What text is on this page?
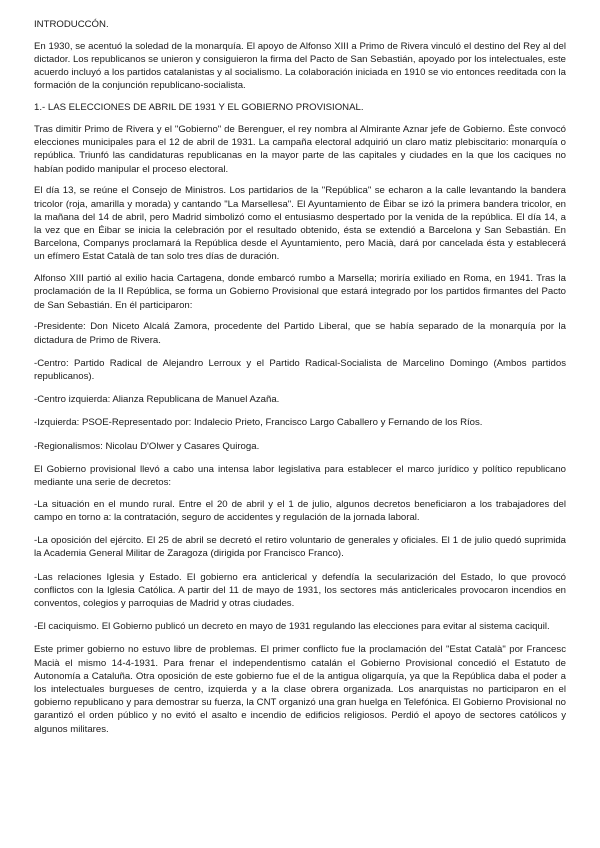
INTRODUCCÓN.

En 1930, se acentuó la soledad de la monarquía. El apoyo de Alfonso XIII a Primo de Rivera vinculó el destino del Rey al del dictador. Los republicanos se unieron y consiguieron la firma del Pacto de San Sebastián, apoyado por los intelectuales, este acuerdo incluyó a los partidos catalanistas y al socialismo. La colaboración iniciada en 1910 se vio entonces reeditada con la formación de la conjunción republicano-socialista.

1.- LAS ELECCIONES DE ABRIL DE 1931 Y EL GOBIERNO PROVISIONAL.

Tras dimitir Primo de Rivera y el "Gobierno" de Berenguer, el rey nombra al Almirante Aznar jefe de Gobierno. Éste convocó elecciones municipales para el 12 de abril de 1931. La campaña electoral adquirió un claro matiz plebiscitario: monarquía o república. Triunfó las candidaturas republicanas en la mayor parte de las capitales y ciudades en la que los caciques no habían podido manipular el proceso electoral.

El día 13, se reúne el Consejo de Ministros. Los partidarios de la "República" se echaron a la calle levantando la bandera tricolor (roja, amarilla y morada) y cantando "La Marsellesa". El Ayuntamiento de Éibar se izó la primera bandera tricolor, en la mañana del 14 de abril, pero Madrid simbolizó como el entusiasmo despertado por la venida de la república. El día 14, a la vez que en Éibar se inicia la celebración por el resultado obtenido, ésta se extendió a Barcelona y San Sebastián. En Barcelona, Companys proclamará la República desde el Ayuntamiento, pero Macià, dará por cancelada ésta y establecerá un efímero Estat Català de tan solo tres días de duración.

Alfonso XIII partió al exilio hacia Cartagena, donde embarcó rumbo a Marsella; moriría exiliado en Roma, en 1941. Tras la proclamación de la II República, se forma un Gobierno Provisional que estará integrado por los partidos firmantes del Pacto de San Sebastián. En él participaron:

-Presidente: Don Niceto Alcalá Zamora, procedente del Partido Liberal, que se había separado de la monarquía por la dictadura de Primo de Rivera.

-Centro: Partido Radical de Alejandro Lerroux y el Partido Radical-Socialista de Marcelino Domingo (Ambos partidos republicanos).

-Centro izquierda: Alianza Republicana de Manuel Azaña.

-Izquierda: PSOE-Representado por: Indalecio Prieto, Francisco Largo Caballero y Fernando de los Ríos.

-Regionalismos: Nicolau D'Olwer y Casares Quiroga.

El Gobierno provisional llevó a cabo una intensa labor legislativa para establecer el marco jurídico y político republicano mediante una serie de decretos:

-La situación en el mundo rural. Entre el 20 de abril y el 1 de julio, algunos decretos beneficiaron a los trabajadores del campo en torno a: la contratación, seguro de accidentes y regulación de la jornada laboral.

-La oposición del ejército. El 25 de abril se decretó el retiro voluntario de generales y oficiales. El 1 de julio quedó suprimida la Academia General Militar de Zaragoza (dirigida por Francisco Franco).

-Las relaciones Iglesia y Estado. El gobierno era anticlerical y defendía la secularización del Estado, lo que provocó conflictos con la Iglesia Católica. A partir del 11 de mayo de 1931, los sectores más anticlericales provocaron incendios en conventos, colegios y parroquias de Madrid y otras ciudades.

-El caciquismo. El Gobierno publicó un decreto en mayo de 1931 regulando las elecciones para evitar al sistema caciquil.

Este primer gobierno no estuvo libre de problemas. El primer conflicto fue la proclamación del "Estat Català" por Francesc Macià el mismo 14-4-1931. Para frenar el independentismo catalán el Gobierno Provisional concedió el Estatuto de Autonomía a Cataluña. Otra oposición de este gobierno fue el de la antigua oligarquía, ya que la República daba el poder a los intelectuales burgueses de centro, izquierda y a la clase obrera organizada. Los anarquistas no participaron en el gobierno republicano y para demostrar su fuerza, la CNT organizó una gran huelga en Telefónica. El Gobierno Provisional no garantizó el orden público y no evitó el asalto e incendio de edificios religiosos. Perdió el apoyo de sectores católicos y algunos militares.
